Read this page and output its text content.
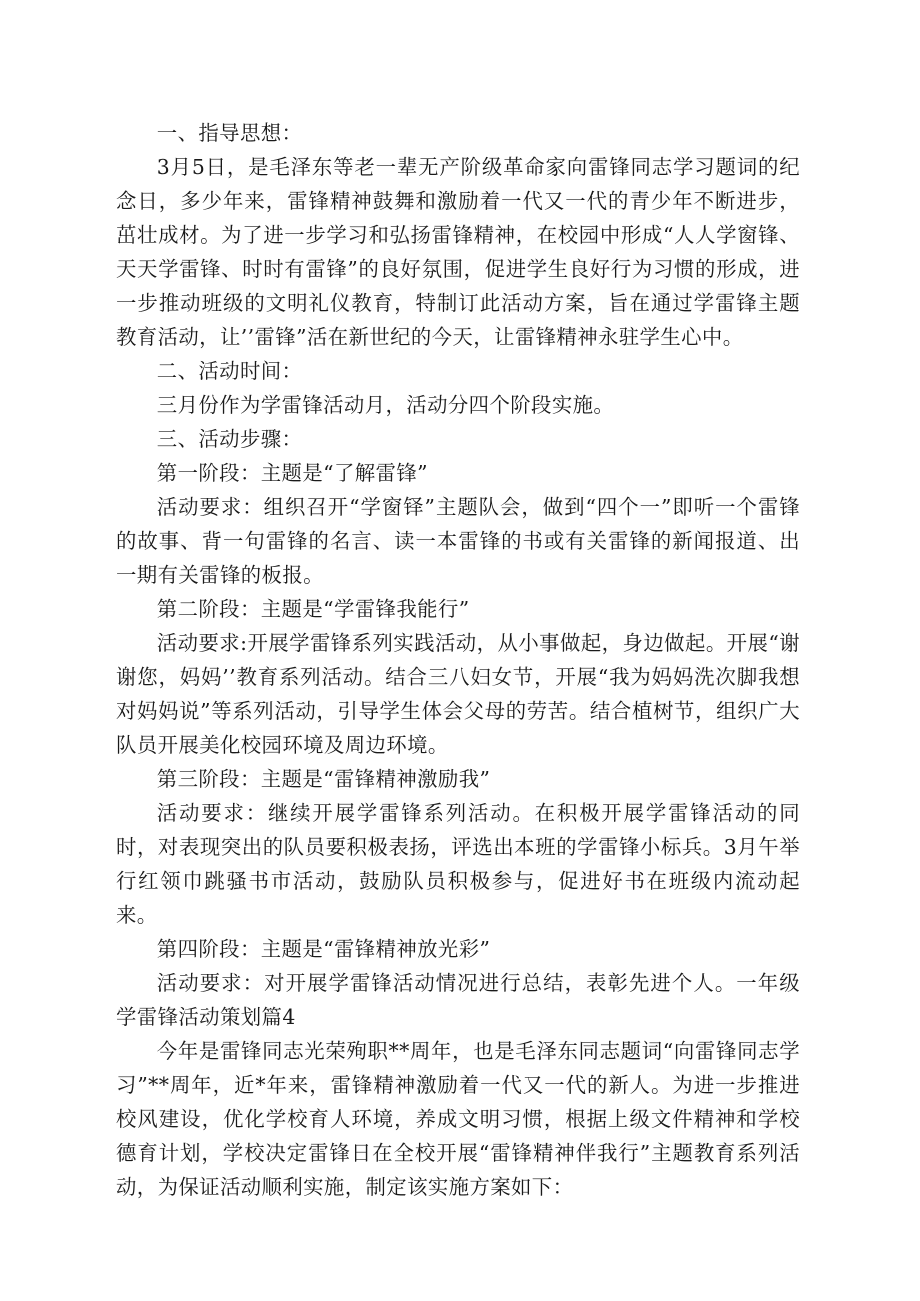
一、指导思想：

3月5日，是毛泽东等老一辈无产阶级革命家向雷锋同志学习题词的纪念日，多少年来，雷锋精神鼓舞和激励着一代又一代的青少年不断进步，茁壮成材。为了进一步学习和弘扬雷锋精神，在校园中形成“人人学窗锋、天天学雷锋、时时有雷锋”的良好氛围，促进学生良好行为习惯的形成，进一步推动班级的文明礼仪教育，特制订此活动方案，旨在通过学雷锋主题教育活动，让’’雷锋”活在新世纪的今天，让雷锋精神永驻学生心中。

二、活动时间：

三月份作为学雷锋活动月，活动分四个阶段实施。

三、活动步骤：

第一阶段：主题是“了解雷锋”

活动要求：组织召开“学窗铎”主题队会，做到“四个一”即听一个雷锋的故事、背一句雷锋的名言、读一本雷锋的书或有关雷锋的新闻报道、出一期有关雷锋的板报。

第二阶段：主题是“学雷锋我能行”

活动要求:开展学雷锋系列实践活动，从小事做起，身边做起。开展“谢谢您，妈妈’’教育系列活动。结合三八妇女节，开展“我为妈妈洗次脚我想对妈妈说”等系列活动，引导学生体会父母的劳苦。结合植树节，组织广大队员开展美化校园环境及周边环境。

第三阶段：主题是“雷锋精神激励我”

活动要求：继续开展学雷锋系列活动。在积极开展学雷锋活动的同时，对表现突出的队员要积极表扬，评选出本班的学雷锋小标兵。3月午举行红领巾跳骚书市活动，鼓励队员积极参与，促进好书在班级内流动起来。

第四阶段：主题是“雷锋精神放光彩”

活动要求：对开展学雷锋活动情况进行总结，表彰先进个人。一年级学雷锋活动策划篇4

今年是雷锋同志光荣殉职**周年，也是毛泽东同志题词“向雷锋同志学习”**周年，近*年来，雷锋精神激励着一代又一代的新人。为进一步推进校风建设，优化学校育人环境，养成文明习惯，根据上级文件精神和学校德育计划，学校决定雷锋日在全校开展“雷锋精神伴我行”主题教育系列活动，为保证活动顺利实施，制定该实施方案如下：
